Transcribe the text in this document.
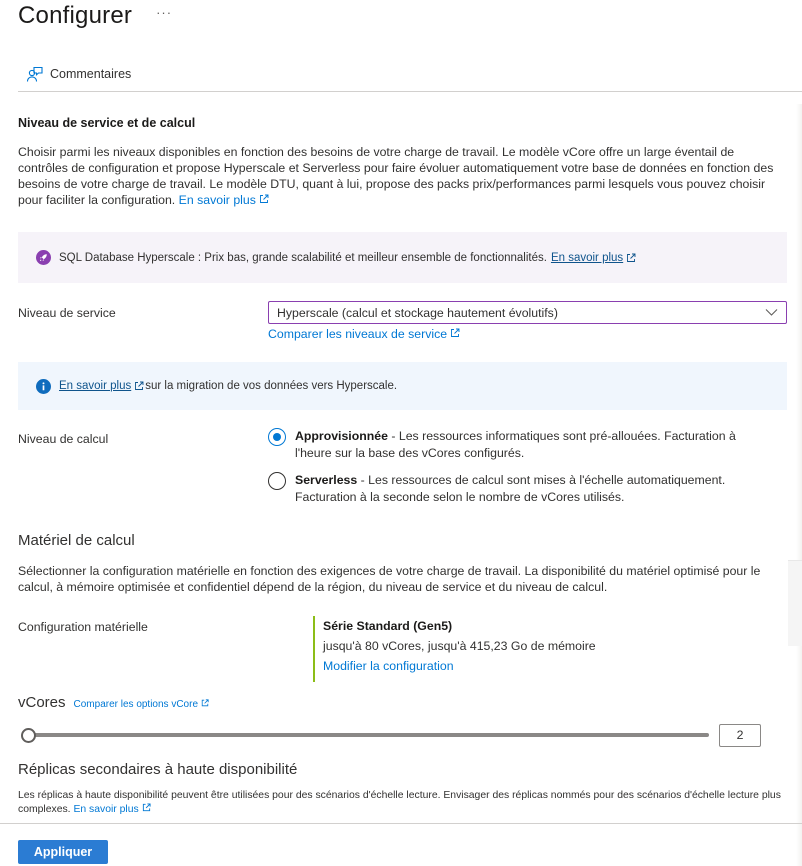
Configurer ···
Commentaires
Niveau de service et de calcul
Choisir parmi les niveaux disponibles en fonction des besoins de votre charge de travail. Le modèle vCore offre un large éventail de contrôles de configuration et propose Hyperscale et Serverless pour faire évoluer automatiquement votre base de données en fonction des besoins de votre charge de travail. Le modèle DTU, quant à lui, propose des packs prix/performances parmi lesquels vous pouvez choisir pour faciliter la configuration. En savoir plus
SQL Database Hyperscale : Prix bas, grande scalabilité et meilleur ensemble de fonctionnalités. En savoir plus
Niveau de service	Hyperscale (calcul et stockage hautement évolutifs)
Comparer les niveaux de service
En savoir plus sur la migration de vos données vers Hyperscale.
Niveau de calcul	Approvisionnée - Les ressources informatiques sont pré-allouées. Facturation à l'heure sur la base des vCores configurés.
Serverless - Les ressources de calcul sont mises à l'échelle automatiquement. Facturation à la seconde selon le nombre de vCores utilisés.
Matériel de calcul
Sélectionner la configuration matérielle en fonction des exigences de votre charge de travail. La disponibilité du matériel optimisé pour le calcul, à mémoire optimisée et confidentiel dépend de la région, du niveau de service et du niveau de calcul.
Configuration matérielle	Série Standard (Gen5)
jusqu'à 80 vCores, jusqu'à 415,23 Go de mémoire
Modifier la configuration
vCores Comparer les options vCore
2
Réplicas secondaires à haute disponibilité
Les réplicas à haute disponibilité peuvent être utilisées pour des scénarios d'échelle lecture. Envisager des réplicas nommés pour des scénarios d'échelle lecture plus complexes. En savoir plus
Appliquer
